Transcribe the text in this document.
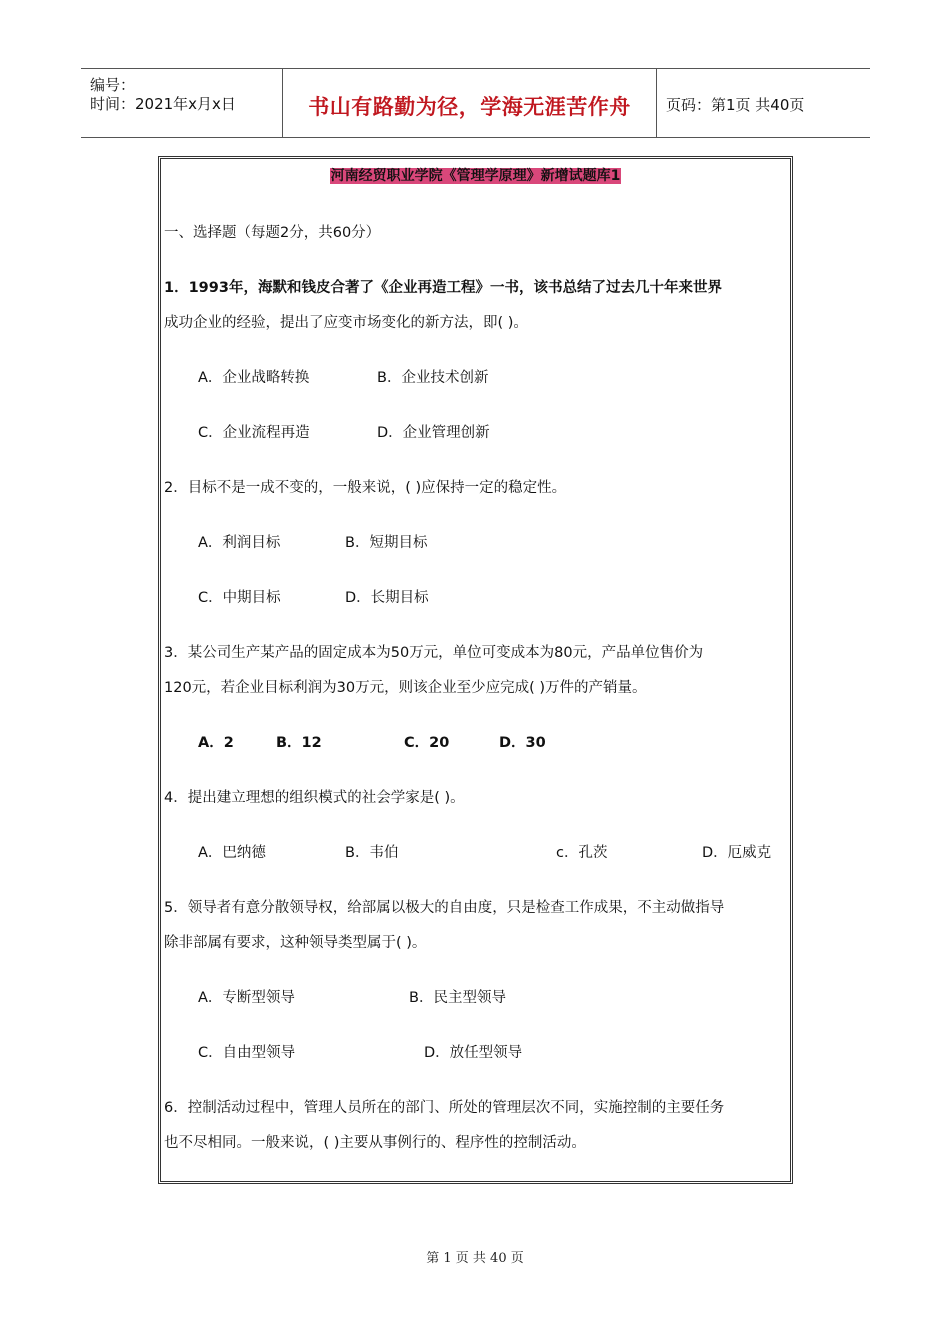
编号：
时间：2021年x月x日	书山有路勤为径，学海无涯苦作舟	页码：第1页 共40页
河南经贸职业学院《管理学原理》新增试题库1
一、选择题（每题2分，共60分）
1．1993年，海默和钱皮合著了《企业再造工程》一书，该书总结了过去几十年来世界
成功企业的经验，提出了应变市场变化的新方法，即( )。
A．企业战略转换	B．企业技术创新
C．企业流程再造	D．企业管理创新
2．目标不是一成不变的，一般来说，( )应保持一定的稳定性。
A．利润目标	B．短期目标
C．中期目标	D．长期目标
3．某公司生产某产品的固定成本为50万元，单位可变成本为80元，产品单位售价为
120元，若企业目标利润为30万元，则该企业至少应完成( )万件的产销量。
A．2	B．12	C．20	D．30
4．提出建立理想的组织模式的社会学家是( )。
A．巴纳德	B．韦伯	c．孔茨	D．厄威克
5．领导者有意分散领导权，给部属以极大的自由度，只是检查工作成果，不主动做指导
除非部属有要求，这种领导类型属于( )。
A．专断型领导	B．民主型领导
C．自由型领导	D．放任型领导
6．控制活动过程中，管理人员所在的部门、所处的管理层次不同，实施控制的主要任务
也不尽相同。一般来说，( )主要从事例行的、程序性的控制活动。
第 1 页 共 40 页
